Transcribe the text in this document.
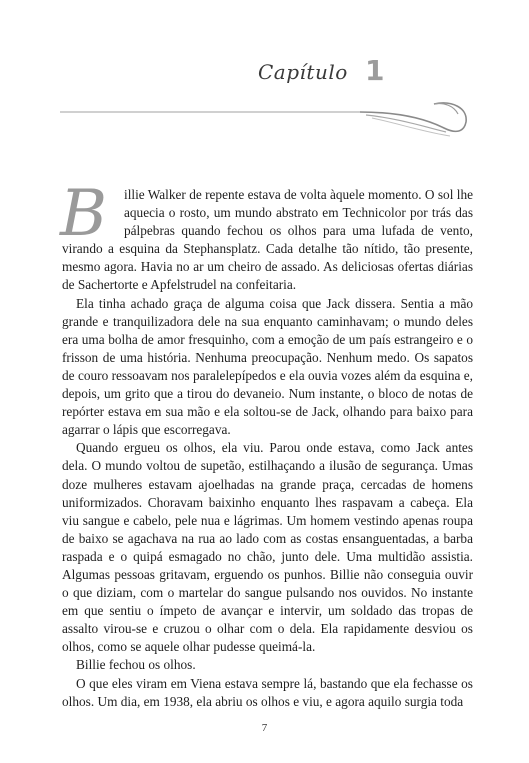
Capítulo 1

B	illie Walker de repente estava de volta àquele momento. O sol lhe aquecia o rosto, um mundo abstrato em Technicolor por trás das pálpebras quando fechou os olhos para uma lufada de vento, virando a esquina da Stephansplatz. Cada detalhe tão nítido, tão presente, mesmo agora. Havia no ar um cheiro de assado. As deliciosas ofertas diárias de Sachertorte e Apfelstrudel na confeitaria.

Ela tinha achado graça de alguma coisa que Jack dissera. Sentia a mão grande e tranquilizadora dele na sua enquanto caminhavam; o mundo deles era uma bolha de amor fresquinho, com a emoção de um país estrangeiro e o frisson de uma história. Nenhuma preocupação. Nenhum medo. Os sapatos de couro ressoavam nos paralelepípedos e ela ouvia vozes além da esquina e, depois, um grito que a tirou do devaneio. Num instante, o bloco de notas de repórter estava em sua mão e ela soltou-se de Jack, olhando para baixo para agarrar o lápis que escorregava.

Quando ergueu os olhos, ela viu. Parou onde estava, como Jack antes dela. O mundo voltou de supetão, estilhaçando a ilusão de segurança. Umas doze mulheres estavam ajoelhadas na grande praça, cercadas de homens uniformizados. Choravam baixinho enquanto lhes raspavam a cabeça. Ela viu sangue e cabelo, pele nua e lágrimas. Um homem vestindo apenas roupa de baixo se agachava na rua ao lado com as costas ensanguentadas, a barba raspada e o quipá esmagado no chão, junto dele. Uma multidão assistia. Algumas pessoas gritavam, erguendo os punhos. Billie não conseguia ouvir o que diziam, com o martelar do sangue pulsando nos ouvidos. No instante em que sentiu o ímpeto de avançar e intervir, um soldado das tropas de assalto virou-se e cruzou o olhar com o dela. Ela rapidamente desviou os olhos, como se aquele olhar pudesse queimá-la.

Billie fechou os olhos.

O que eles viram em Viena estava sempre lá, bastando que ela fechasse os olhos. Um dia, em 1938, ela abriu os olhos e viu, e agora aquilo surgia toda

7
